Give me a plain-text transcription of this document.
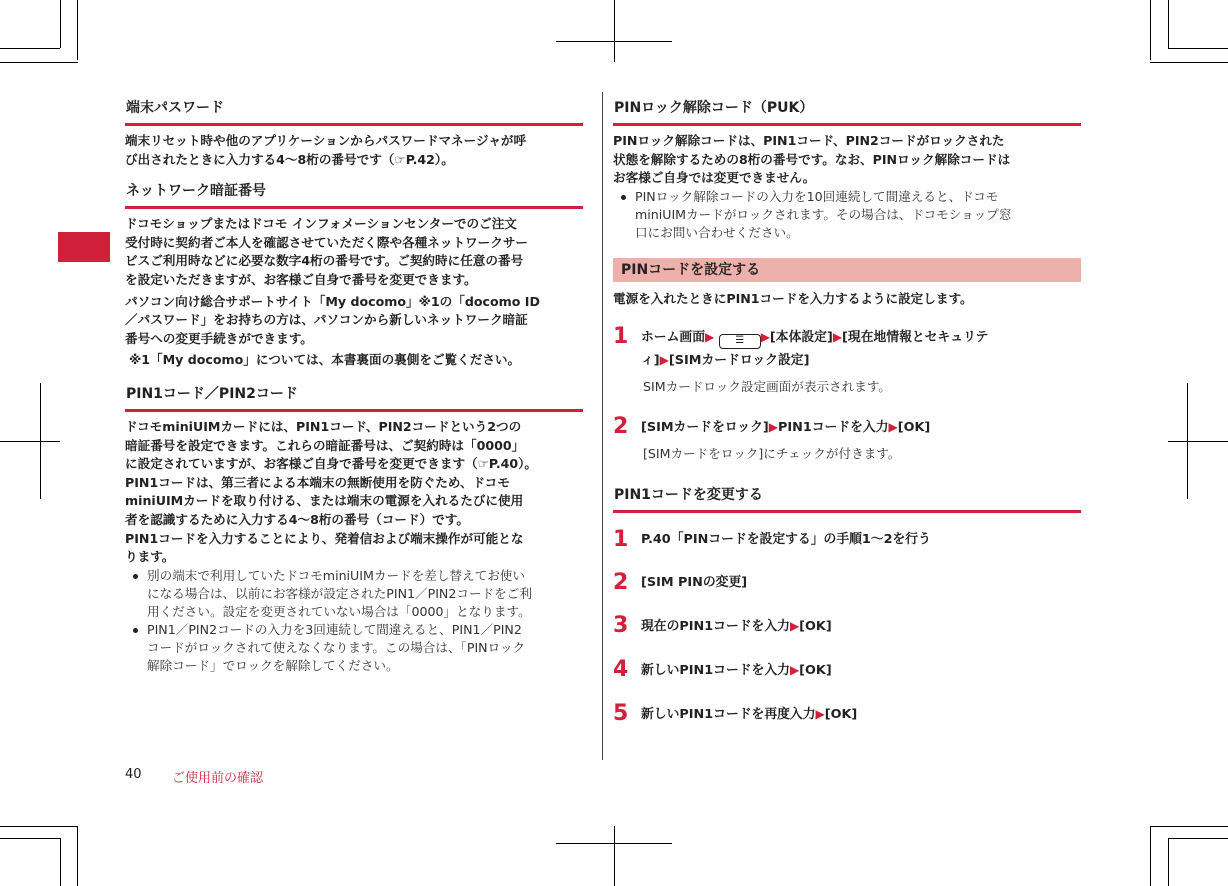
端末パスワード
端末リセット時や他のアプリケーションからパスワードマネージャが呼
び出されたときに入力する4～8桁の番号です（☞P.42）。
ネットワーク暗証番号
ドコモショップまたはドコモ インフォメーションセンターでのご注文
受付時に契約者ご本人を確認させていただく際や各種ネットワークサー
ビスご利用時などに必要な数字4桁の番号です。ご契約時に任意の番号
を設定いただきますが、お客様ご自身で番号を変更できます。
パソコン向け総合サポートサイト「My docomo」※1の「docomo ID
／パスワード」をお持ちの方は、パソコンから新しいネットワーク暗証
番号への変更手続きができます。
※1「My docomo」については、本書裏面の裏側をご覧ください。
PIN1コード／PIN2コード
ドコモminiUIMカードには、PIN1コード、PIN2コードという2つの
暗証番号を設定できます。これらの暗証番号は、ご契約時は「0000」
に設定されていますが、お客様ご自身で番号を変更できます（☞P.40）。
PIN1コードは、第三者による本端末の無断使用を防ぐため、ドコモ
miniUIMカードを取り付ける、または端末の電源を入れるたびに使用
者を認識するために入力する4～8桁の番号（コード）です。
PIN1コードを入力することにより、発着信および端末操作が可能とな
ります。
別の端末で利用していたドコモminiUIMカードを差し替えてお使い
になる場合は、以前にお客様が設定されたPIN1／PIN2コードをご利
用ください。設定を変更されていない場合は「0000」となります。
PIN1／PIN2コードの入力を3回連続して間違えると、PIN1／PIN2
コードがロックされて使えなくなります。この場合は、「PINロック
解除コード」でロックを解除してください。
PINロック解除コード（PUK）
PINロック解除コードは、PIN1コード、PIN2コードがロックされた
状態を解除するための8桁の番号です。なお、PINロック解除コードは
お客様ご自身では変更できません。
PINロック解除コードの入力を10回連続して間違えると、ドコモ
miniUIMカードがロックされます。その場合は、ドコモショップ窓
口にお問い合わせください。
PINコードを設定する
電源を入れたときにPIN1コードを入力するように設定します。
1 ホーム画面▶ ☰ ▶[本体設定]▶[現在地情報とセキュリテ
ィ]▶[SIMカードロック設定]
SIMカードロック設定画面が表示されます。
2 [SIMカードをロック]▶PIN1コードを入力▶[OK]
[SIMカードをロック]にチェックが付きます。
PIN1コードを変更する
1 P.40「PINコードを設定する」の手順1～2を行う
2 [SIM PINの変更]
3 現在のPIN1コードを入力▶[OK]
4 新しいPIN1コードを入力▶[OK]
5 新しいPIN1コードを再度入力▶[OK]
40 ご使用前の確認
